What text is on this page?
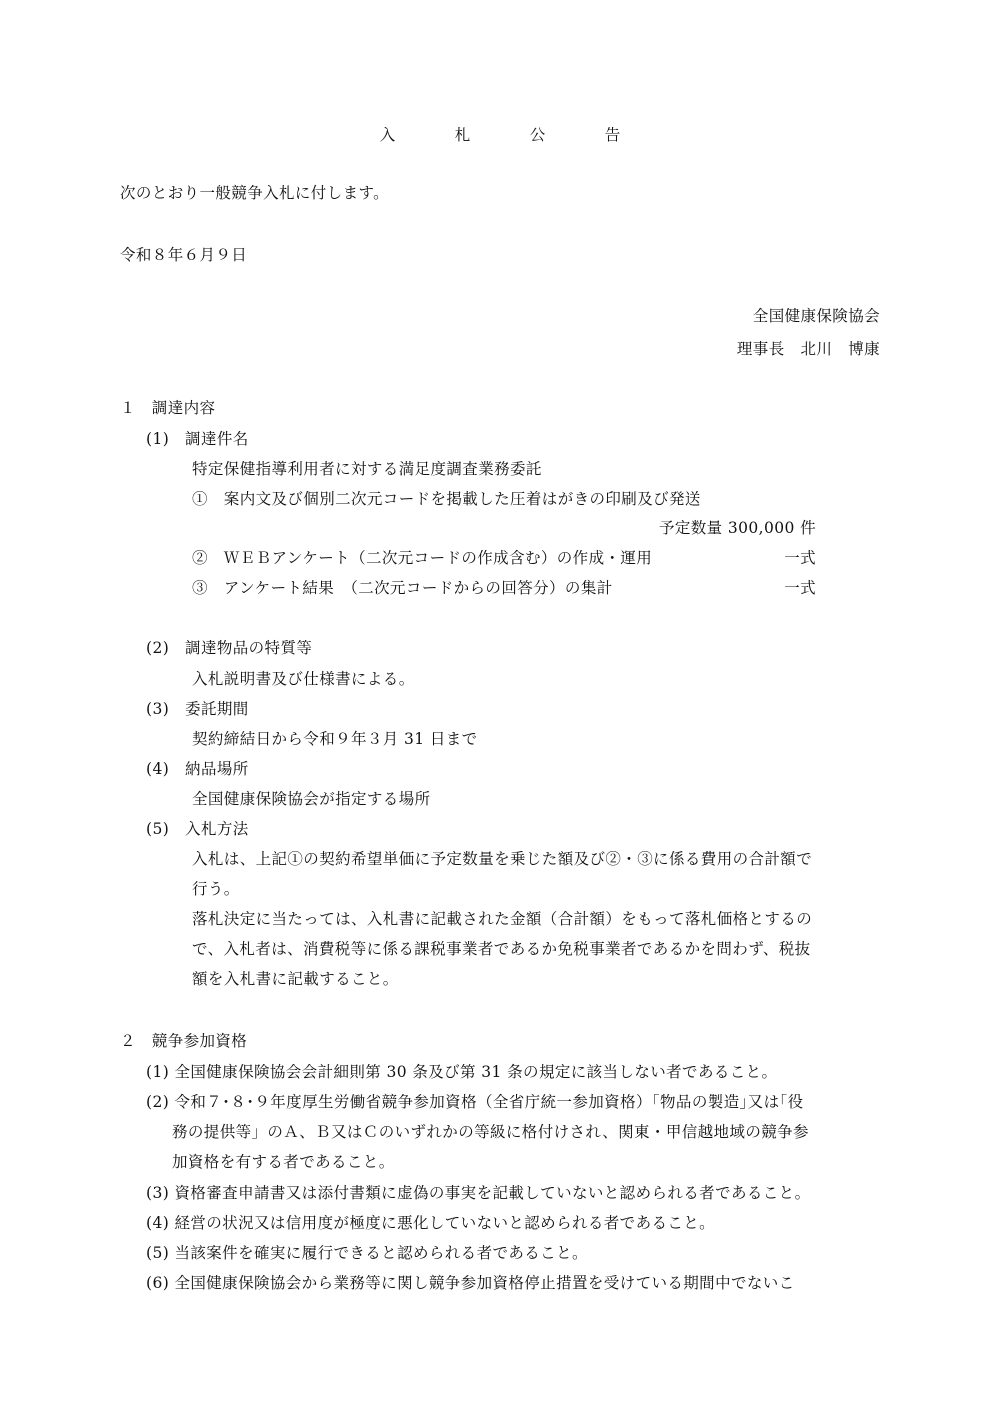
入　札　公　告
次のとおり一般競争入札に付します。
令和８年６月９日
全国健康保険協会
理事長　北川　博康
１　調達内容
(1)　調達件名
特定保健指導利用者に対する満足度調査業務委託
①　案内文及び個別二次元コードを掲載した圧着はがきの印刷及び発送
予定数量 300,000 件
②　ＷＥＢアンケート（二次元コードの作成含む）の作成・運用	一式
③　アンケート結果　（二次元コードからの回答分）の集計	一式
(2)　調達物品の特質等
入札説明書及び仕様書による。
(3)　委託期間
契約締結日から令和９年３月 31 日まで
(4)　納品場所
全国健康保険協会が指定する場所
(5)　入札方法
入札は、上記①の契約希望単価に予定数量を乗じた額及び②・③に係る費用の合計額で
行う。
落札決定に当たっては、入札書に記載された金額（合計額）をもって落札価格とするの
で、入札者は、消費税等に係る課税事業者であるか免税事業者であるかを問わず、税抜
額を入札書に記載すること。
２　競争参加資格
(1) 全国健康保険協会会計細則第 30 条及び第 31 条の規定に該当しない者であること。
(2) 令和７･８･９年度厚生労働省競争参加資格（全省庁統一参加資格）｢物品の製造｣又は｢役
務の提供等」のＡ、Ｂ又はＣのいずれかの等級に格付けされ、関東・甲信越地域の競争参
加資格を有する者であること。
(3) 資格審査申請書又は添付書類に虚偽の事実を記載していないと認められる者であること。
(4) 経営の状況又は信用度が極度に悪化していないと認められる者であること。
(5) 当該案件を確実に履行できると認められる者であること。
(6) 全国健康保険協会から業務等に関し競争参加資格停止措置を受けている期間中でないこ
